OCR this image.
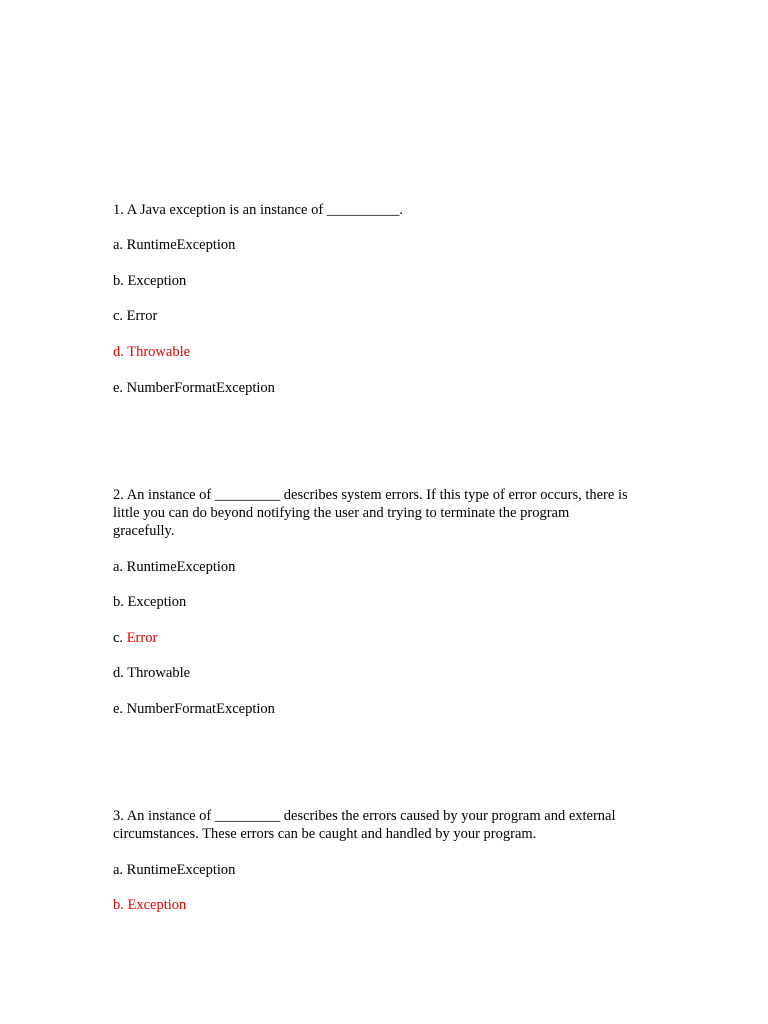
1. A Java exception is an instance of __________.
a. RuntimeException
b. Exception
c. Error
d. Throwable
e. NumberFormatException
2. An instance of _________ describes system errors. If this type of error occurs, there is
little you can do beyond notifying the user and trying to terminate the program
gracefully.
a. RuntimeException
b. Exception
c. Error
d. Throwable
e. NumberFormatException
3. An instance of _________ describes the errors caused by your program and external
circumstances. These errors can be caught and handled by your program.
a. RuntimeException
b. Exception
